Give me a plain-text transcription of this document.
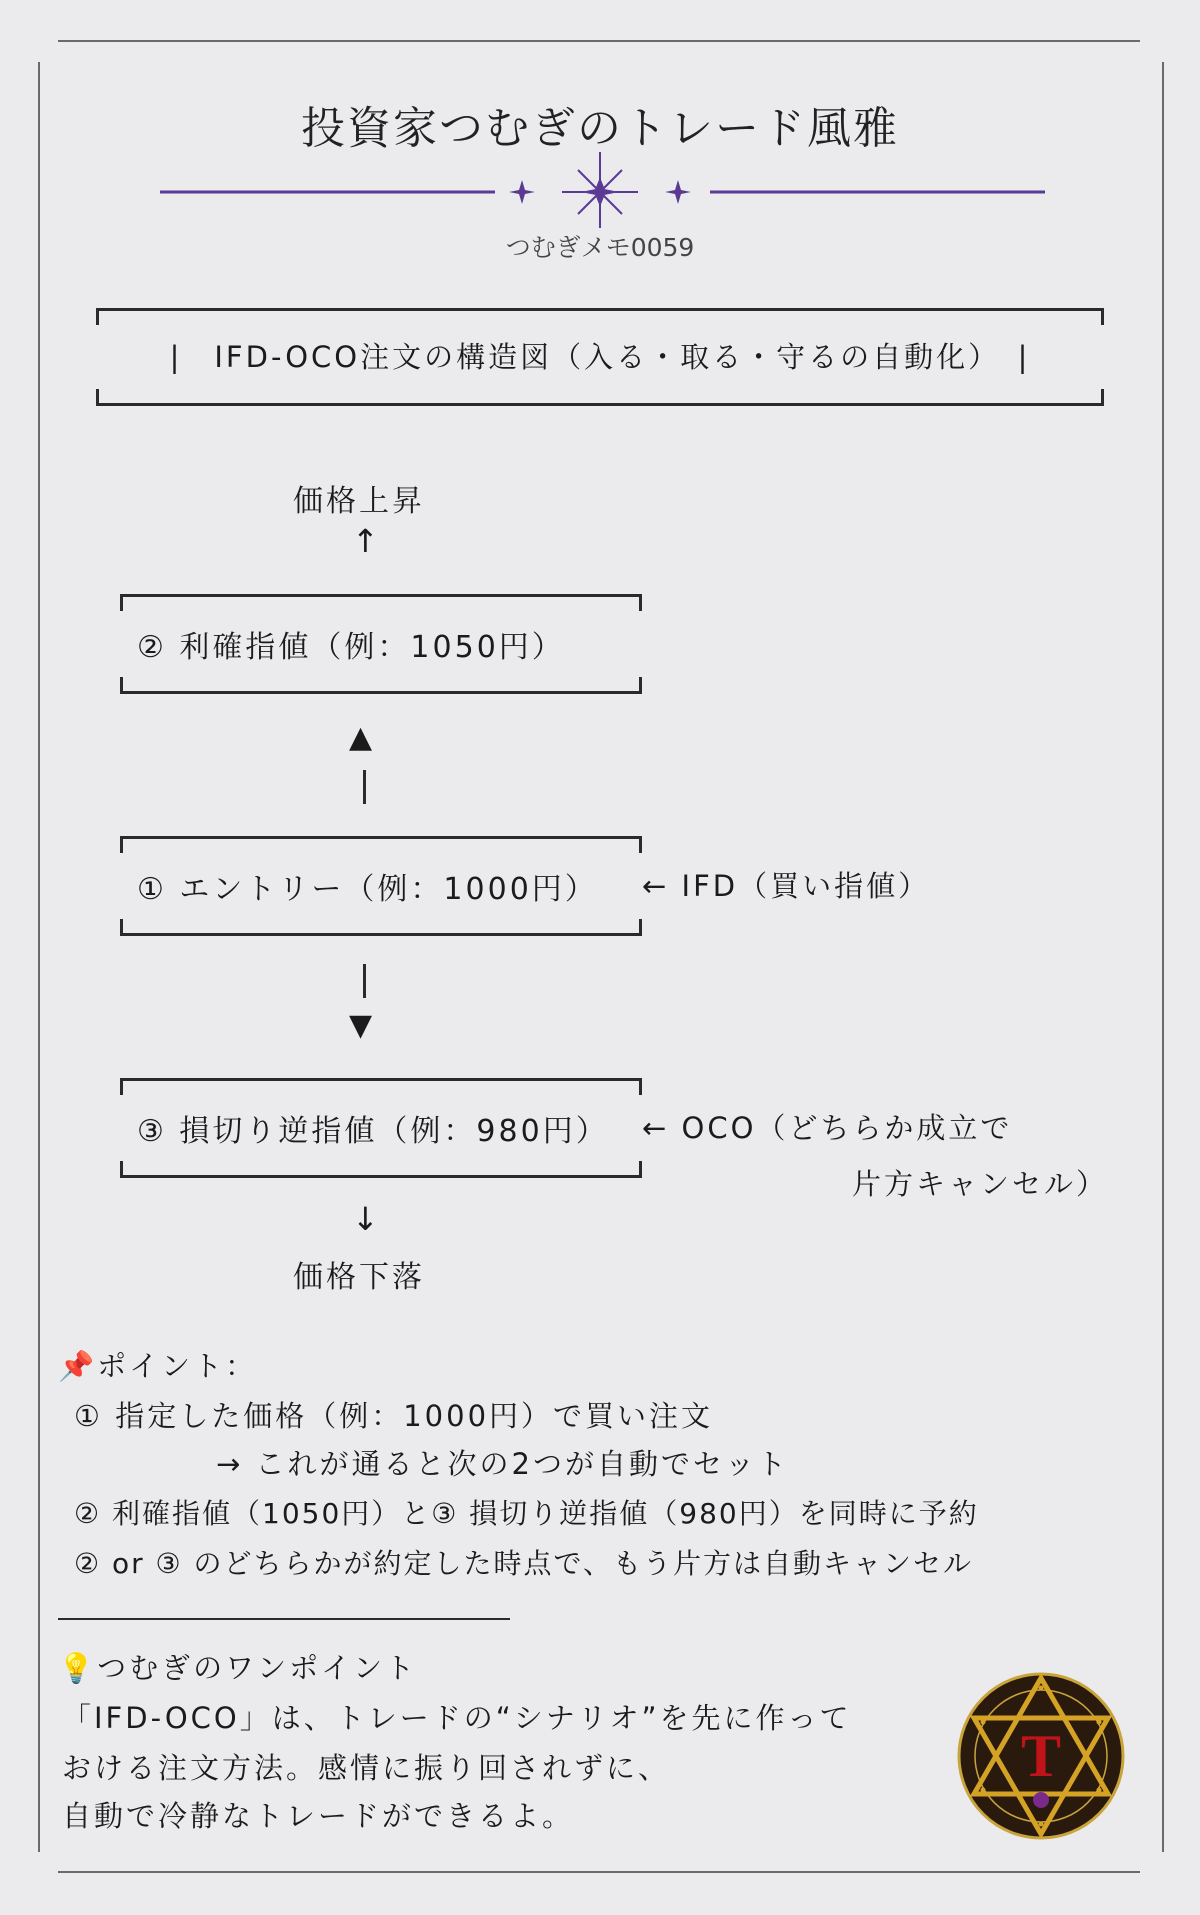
投資家つむぎのトレード風雅
つむぎメモ0059
|　IFD-OCO注文の構造図（入る・取る・守るの自動化）　|
価格上昇
↑
② 利確指値（例：1050円）
▲
① エントリー（例：1000円）	← IFD（買い指値）
▼
③ 損切り逆指値（例：980円）	← OCO（どちらか成立で
片方キャンセル）
↓
価格下落
📌ポイント：
① 指定した価格（例：1000円）で買い注文
→ これが通ると次の2つが自動でセット
② 利確指値（1050円）と③ 損切り逆指値（980円）を同時に予約
② or ③ のどちらかが約定した時点で、もう片方は自動キャンセル
💡つむぎのワンポイント
「IFD-OCO」は、トレードの“シナリオ”を先に作って
おける注文方法。感情に振り回されずに、
自動で冷静なトレードができるよ。
T
